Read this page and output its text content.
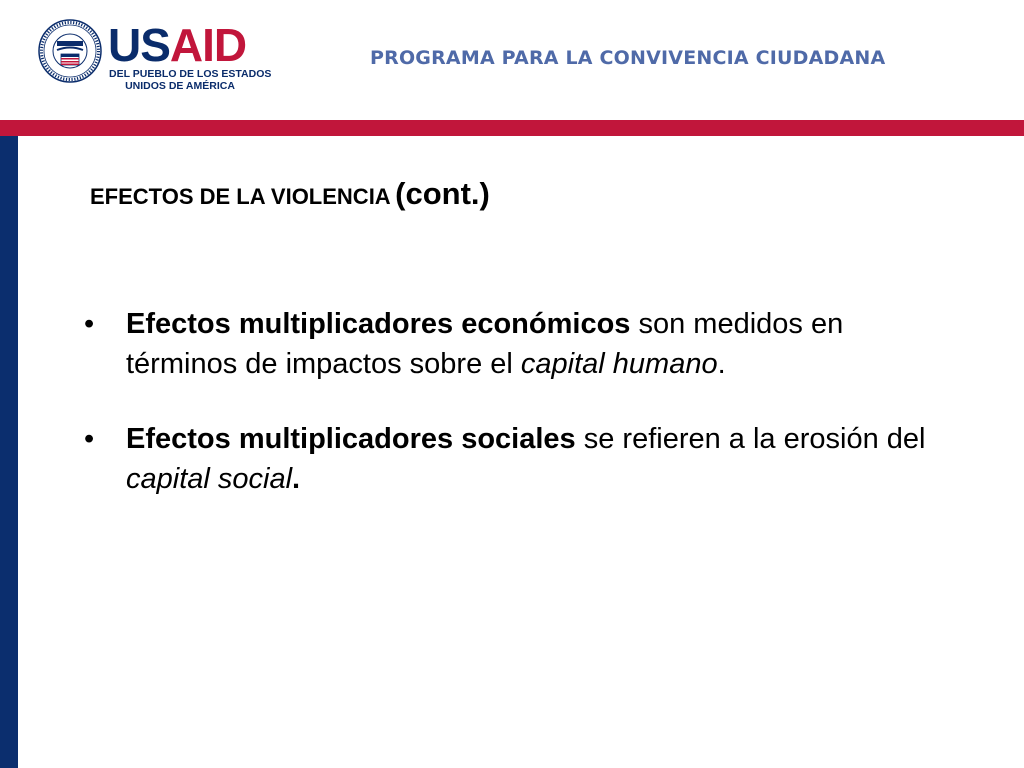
USAID
DEL PUEBLO DE LOS ESTADOS
UNIDOS DE AMÉRICA
PROGRAMA PARA LA CONVIVENCIA CIUDADANA
EFECTOS DE LA VIOLENCIA (cont.)
• Efectos multiplicadores económicos son medidos en términos de impactos sobre el capital humano.
• Efectos multiplicadores sociales se refieren a la erosión del capital social.
